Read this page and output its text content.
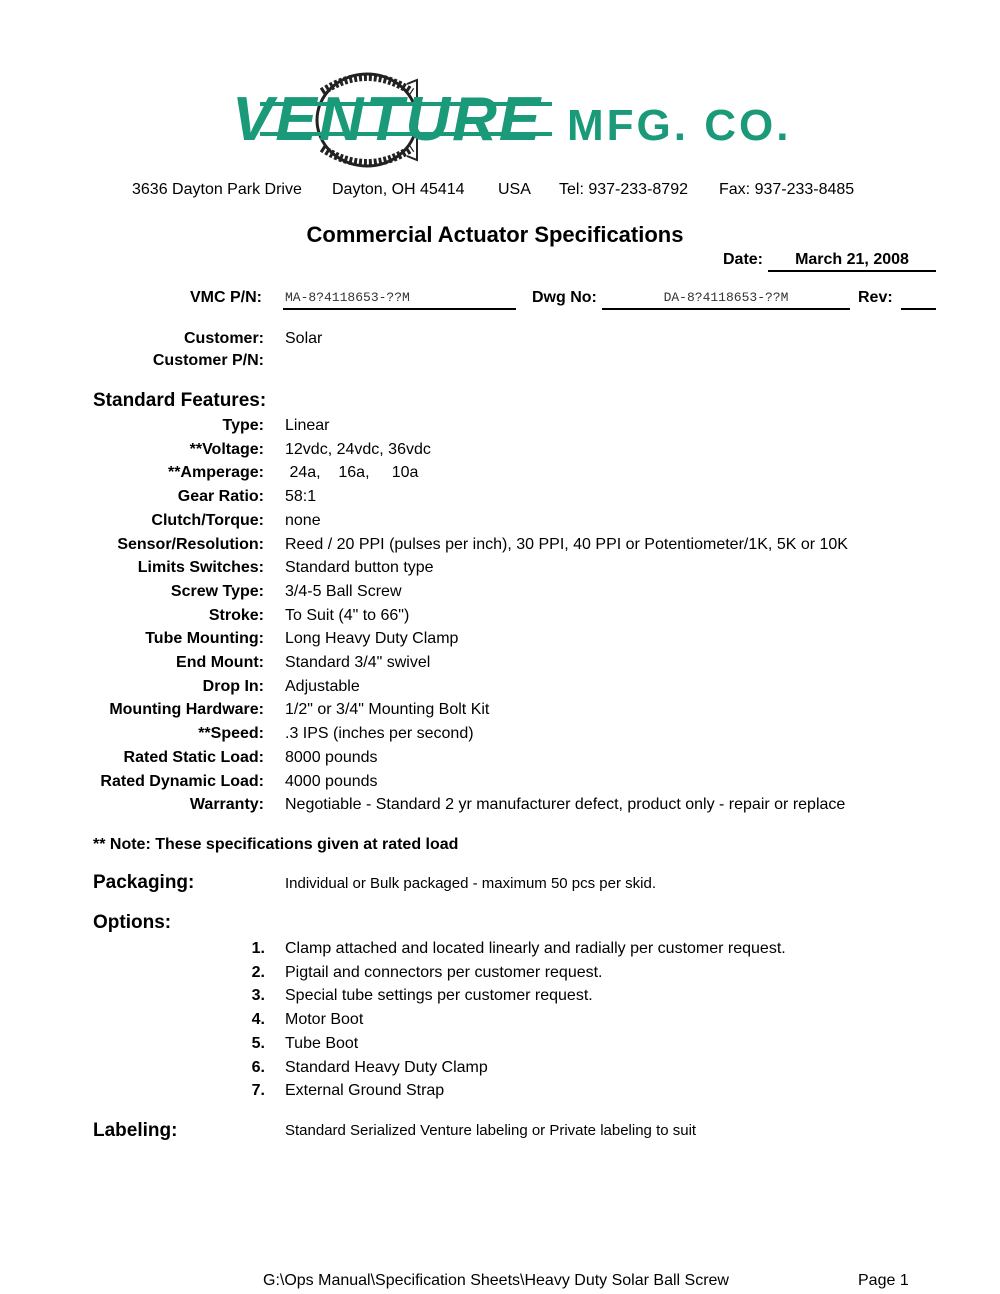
VENTURE MFG. CO.
3636 Dayton Park Drive Dayton, OH 45414 USA Tel: 937-233-8792 Fax: 937-233-8485
Commercial Actuator Specifications
Date:	March 21, 2008
VMC P/N: MA-8?4118653-??M	Dwg No:	DA-8?4118653-??M	Rev:
Customer: Solar
Customer P/N:
Standard Features:
Type: Linear
**Voltage: 12vdc, 24vdc, 36vdc
**Amperage: 24a,    16a,     10a
Gear Ratio: 58:1
Clutch/Torque: none
Sensor/Resolution: Reed / 20 PPI (pulses per inch), 30 PPI, 40 PPI or Potentiometer/1K, 5K or 10K
Limits Switches: Standard button type
Screw Type: 3/4-5 Ball Screw
Stroke: To Suit (4" to 66")
Tube Mounting: Long Heavy Duty Clamp
End Mount: Standard 3/4" swivel
Drop In: Adjustable
Mounting Hardware: 1/2" or 3/4" Mounting Bolt Kit
**Speed: .3 IPS (inches per second)
Rated Static Load: 8000 pounds
Rated Dynamic Load: 4000 pounds
Warranty: Negotiable - Standard 2 yr manufacturer defect, product only - repair or replace
** Note: These specifications given at rated load
Packaging:	Individual or Bulk packaged - maximum 50 pcs per skid.
Options:
1. Clamp attached and located linearly and radially per customer request.
2. Pigtail and connectors per customer request.
3. Special tube settings per customer request.
4. Motor Boot
5. Tube Boot
6. Standard Heavy Duty Clamp
7. External Ground Strap
Labeling:	Standard Serialized Venture labeling or Private labeling to suit
G:\Ops Manual\Specification Sheets\Heavy Duty Solar Ball Screw	Page 1
